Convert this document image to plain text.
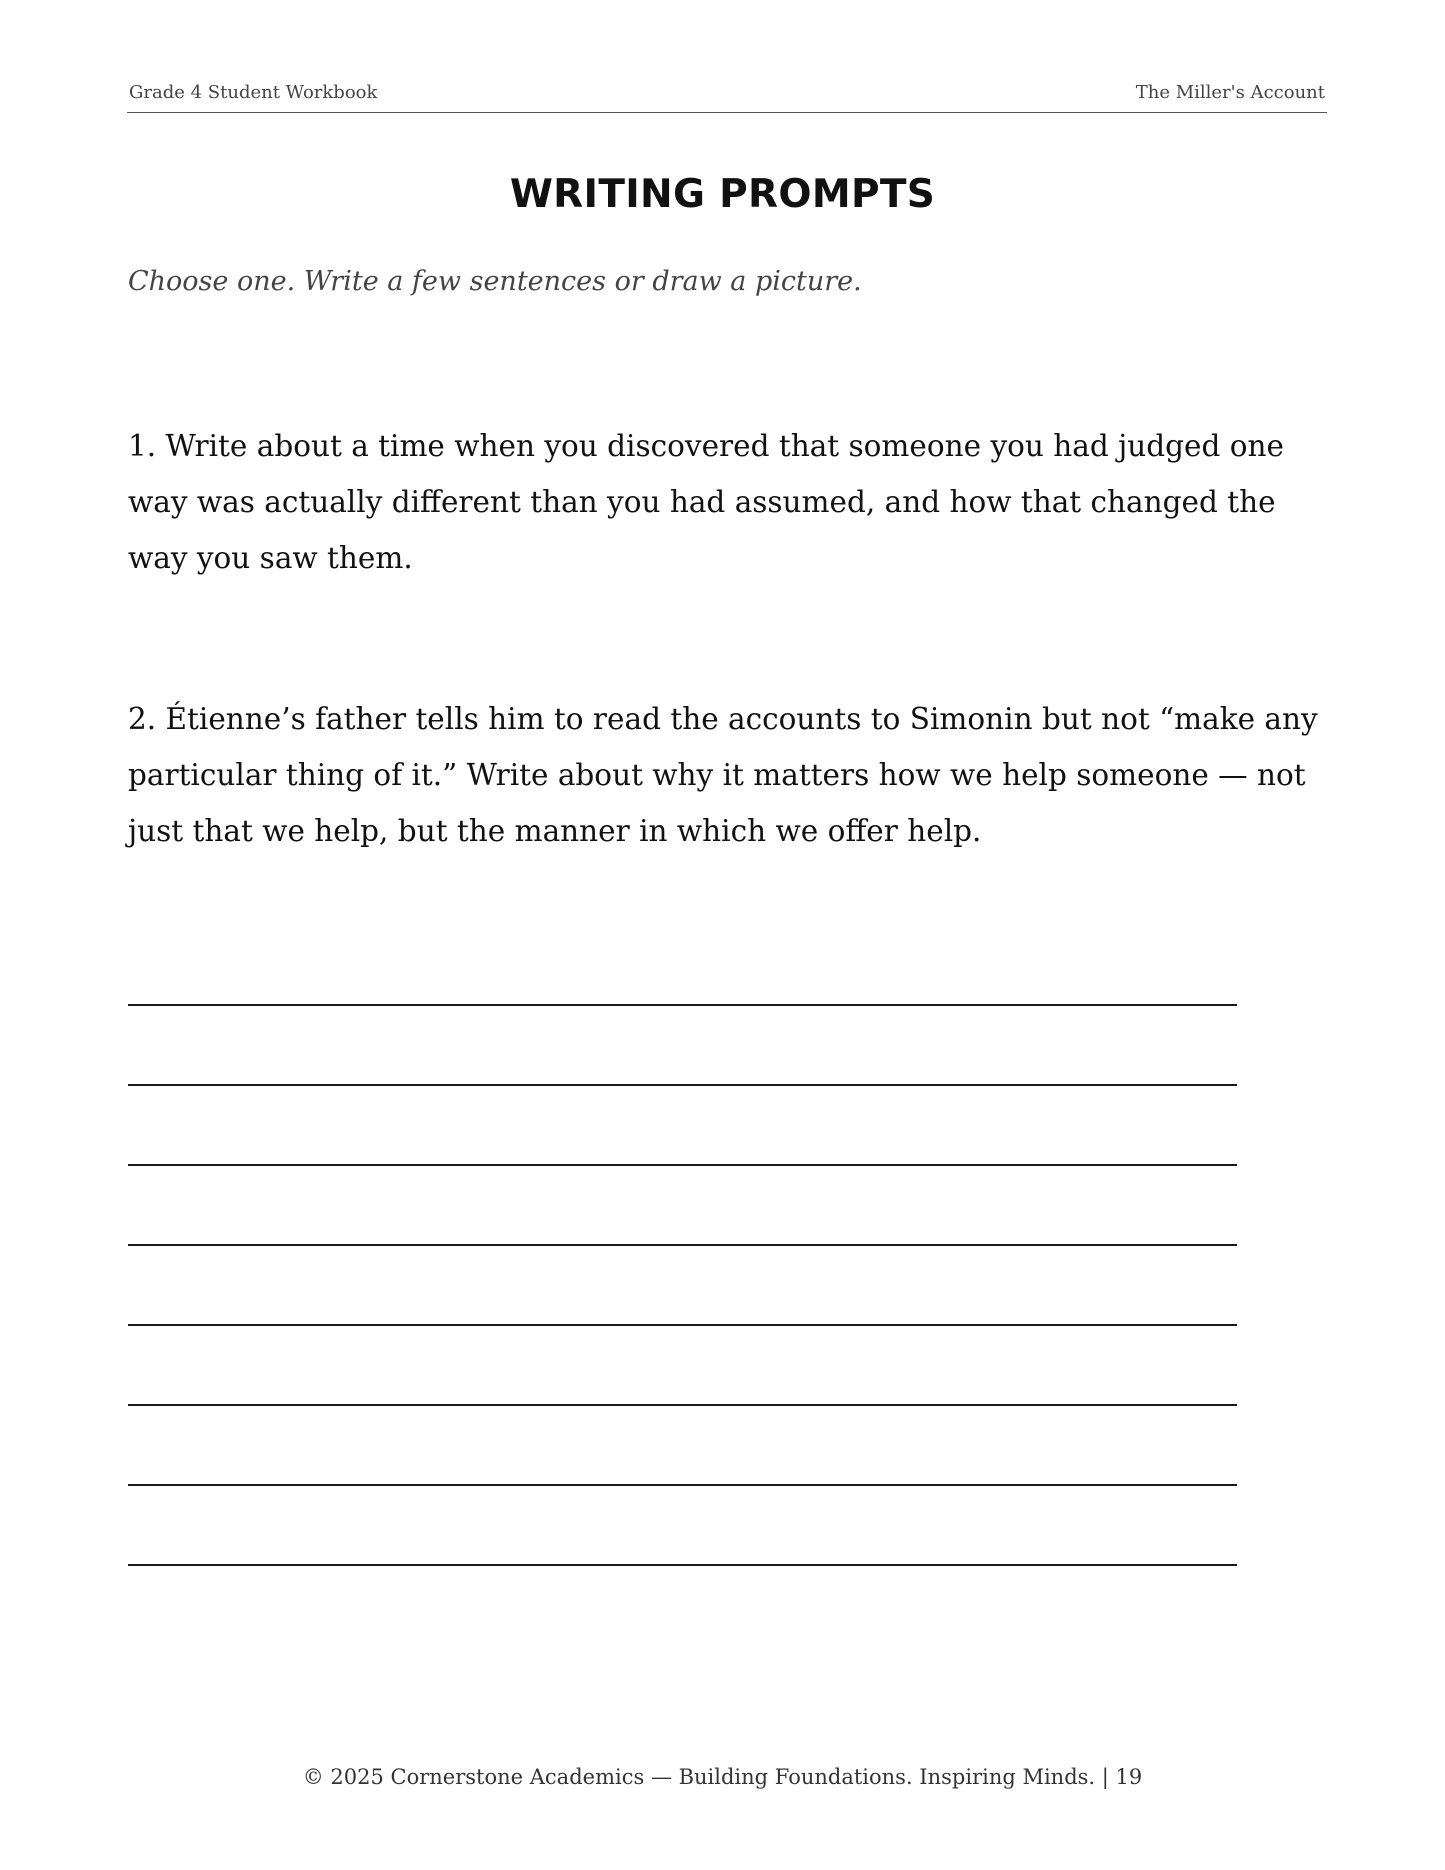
Grade 4 Student Workbook	The Miller's Account
WRITING PROMPTS
Choose one. Write a few sentences or draw a picture.
1. Write about a time when you discovered that someone you had judged one way was actually different than you had assumed, and how that changed the way you saw them.
2. Étienne’s father tells him to read the accounts to Simonin but not “make any particular thing of it.” Write about why it matters how we help someone — not just that we help, but the manner in which we offer help.
© 2025 Cornerstone Academics — Building Foundations. Inspiring Minds. | 19
